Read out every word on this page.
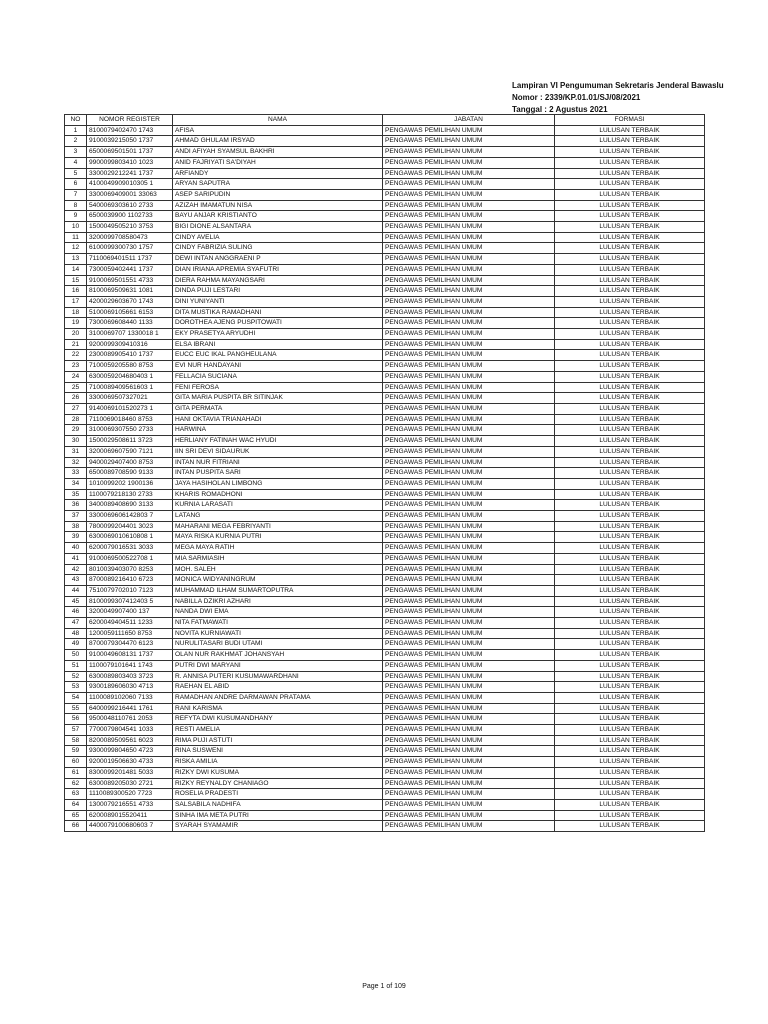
Lampiran VI Pengumuman Sekretaris Jenderal Bawaslu
Nomor : 2339/KP.01.01/SJ/08/2021
Tanggal : 2 Agustus 2021
NO	NOMOR REGISTER	NAMA	JABATAN	FORMASI
1	8100079402470 1743	AFISA	PENGAWAS PEMILIHAN UMUM	LULUSAN TERBAIK
2	9100039215050 1737	AHMAD GHULAM IRSYAD	PENGAWAS PEMILIHAN UMUM	LULUSAN TERBAIK
3	6500069501501 1737	ANDI AFIYAH SYAMSUL BAKHRI	PENGAWAS PEMILIHAN UMUM	LULUSAN TERBAIK
4	9900099803410 1023	ANID FAJRIYATI SA'DIYAH	PENGAWAS PEMILIHAN UMUM	LULUSAN TERBAIK
5	3300029212241 1737	ARFIANDY	PENGAWAS PEMILIHAN UMUM	LULUSAN TERBAIK
6	4100049909010305 1	ARYAN SAPUTRA	PENGAWAS PEMILIHAN UMUM	LULUSAN TERBAIK
7	3300069409001 33063	ASEP SARIPUDIN	PENGAWAS PEMILIHAN UMUM	LULUSAN TERBAIK
8	5400069303610 2733	AZIZAH IMAMATUN NISA	PENGAWAS PEMILIHAN UMUM	LULUSAN TERBAIK
9	6500039900 1102733	BAYU ANJAR KRISTIANTO	PENGAWAS PEMILIHAN UMUM	LULUSAN TERBAIK
10	1500049505210 3753	BIGI DIONE ALSANTARA	PENGAWAS PEMILIHAN UMUM	LULUSAN TERBAIK
11	3200099708580473	CINDY AVELIA	PENGAWAS PEMILIHAN UMUM	LULUSAN TERBAIK
12	6100099300730 1757	CINDY FABRIZIA SULING	PENGAWAS PEMILIHAN UMUM	LULUSAN TERBAIK
13	7110069401511 1737	DEWI INTAN ANGGRAENI P	PENGAWAS PEMILIHAN UMUM	LULUSAN TERBAIK
14	7300059402441 1737	DIAN IRIANA APREMIA SYAFUTRI	PENGAWAS PEMILIHAN UMUM	LULUSAN TERBAIK
15	9100069501551 4733	DIERA RAHMA MAYANGSARI	PENGAWAS PEMILIHAN UMUM	LULUSAN TERBAIK
16	8100069509631 1081	DINDA PUJI LESTARI	PENGAWAS PEMILIHAN UMUM	LULUSAN TERBAIK
17	4200029603670 1743	DINI YUNIYANTI	PENGAWAS PEMILIHAN UMUM	LULUSAN TERBAIK
18	5100069105661 6153	DITA MUSTIKA RAMADHANI	PENGAWAS PEMILIHAN UMUM	LULUSAN TERBAIK
19	7300069608440 1133	DOROTHEA AJENG PUSPITOWATI	PENGAWAS PEMILIHAN UMUM	LULUSAN TERBAIK
20	3100069707 1330018 1	EKY PRASETYA ARYUDHI	PENGAWAS PEMILIHAN UMUM	LULUSAN TERBAIK
21	9200099309410316	ELSA IBRANI	PENGAWAS PEMILIHAN UMUM	LULUSAN TERBAIK
22	2300089905410 1737	EUCC EUC IKAL PANGHEULANA	PENGAWAS PEMILIHAN UMUM	LULUSAN TERBAIK
23	7100059205580 8753	EVI NUR HANDAYANI	PENGAWAS PEMILIHAN UMUM	LULUSAN TERBAIK
24	6300059204680403 1	FELLACIA SUCIANA	PENGAWAS PEMILIHAN UMUM	LULUSAN TERBAIK
25	7100089409561603 1	FENI FEROSA	PENGAWAS PEMILIHAN UMUM	LULUSAN TERBAIK
26	3300069507327021	GITA MARIA PUSPITA BR SITINJAK	PENGAWAS PEMILIHAN UMUM	LULUSAN TERBAIK
27	9140069101520273 1	GITA PERMATA	PENGAWAS PEMILIHAN UMUM	LULUSAN TERBAIK
28	7110069018460 8753	HANI OKTAVIA TRIANAHADI	PENGAWAS PEMILIHAN UMUM	LULUSAN TERBAIK
29	3100069307550 2733	HARWINA	PENGAWAS PEMILIHAN UMUM	LULUSAN TERBAIK
30	1500029508611 3723	HERLIANY FATINAH WAC HYUDI	PENGAWAS PEMILIHAN UMUM	LULUSAN TERBAIK
31	3200069607590 7121	IIN SRI DEVI SIDAURUK	PENGAWAS PEMILIHAN UMUM	LULUSAN TERBAIK
32	9400029407400 8753	INTAN NUR FITRIANI	PENGAWAS PEMILIHAN UMUM	LULUSAN TERBAIK
33	6500089708590 9133	INTAN PUSPITA SARI	PENGAWAS PEMILIHAN UMUM	LULUSAN TERBAIK
34	1010099202 1900136	JAYA HASIHOLAN LIMBONG	PENGAWAS PEMILIHAN UMUM	LULUSAN TERBAIK
35	1100079218130 2733	KHARIS ROMADHONI	PENGAWAS PEMILIHAN UMUM	LULUSAN TERBAIK
36	3400089408690 3133	KURNIA LARASATI	PENGAWAS PEMILIHAN UMUM	LULUSAN TERBAIK
37	3300069606142803 7	LATANG	PENGAWAS PEMILIHAN UMUM	LULUSAN TERBAIK
38	7800099204401 3023	MAHARANI MEGA FEBRIYANTI	PENGAWAS PEMILIHAN UMUM	LULUSAN TERBAIK
39	6300069010610808 1	MAYA RISKA KURNIA PUTRI	PENGAWAS PEMILIHAN UMUM	LULUSAN TERBAIK
40	6200079016531 3033	MEGA MAYA RATIH	PENGAWAS PEMILIHAN UMUM	LULUSAN TERBAIK
41	9100069500522708 1	MIA SARMIASIH	PENGAWAS PEMILIHAN UMUM	LULUSAN TERBAIK
42	8010039403070 8253	MOH. SALEH	PENGAWAS PEMILIHAN UMUM	LULUSAN TERBAIK
43	8700089216410 6723	MONICA WIDYANINGRUM	PENGAWAS PEMILIHAN UMUM	LULUSAN TERBAIK
44	7510079702010 7123	MUHAMMAD ILHAM SUMARTOPUTRA	PENGAWAS PEMILIHAN UMUM	LULUSAN TERBAIK
45	8100099307412403 5	NABILLA DZIKRI AZHARI	PENGAWAS PEMILIHAN UMUM	LULUSAN TERBAIK
46	3200049907400 137	NANDA DWI EMA	PENGAWAS PEMILIHAN UMUM	LULUSAN TERBAIK
47	6200049404511 1233	NITA FATMAWATI	PENGAWAS PEMILIHAN UMUM	LULUSAN TERBAIK
48	1200059111650 8753	NOVITA KURNIAWATI	PENGAWAS PEMILIHAN UMUM	LULUSAN TERBAIK
49	8700079304470 6123	NURULITASARI BUDI UTAMI	PENGAWAS PEMILIHAN UMUM	LULUSAN TERBAIK
50	9100049608131 1737	OLAN NUR RAKHMAT JOHANSYAH	PENGAWAS PEMILIHAN UMUM	LULUSAN TERBAIK
51	1100079101641 1743	PUTRI DWI MARYANI	PENGAWAS PEMILIHAN UMUM	LULUSAN TERBAIK
52	6300089803403 3723	R. ANNISA PUTERI KUSUMAWARDHANI	PENGAWAS PEMILIHAN UMUM	LULUSAN TERBAIK
53	9300189606030 4713	RAEHAN EL ABID	PENGAWAS PEMILIHAN UMUM	LULUSAN TERBAIK
54	1100089102060 7133	RAMADHAN ANDRE DARMAWAN PRATAMA	PENGAWAS PEMILIHAN UMUM	LULUSAN TERBAIK
55	6400099216441 1761	RANI KARISMA	PENGAWAS PEMILIHAN UMUM	LULUSAN TERBAIK
56	9500048110761 2053	REFYTA DWI KUSUMANDHANY	PENGAWAS PEMILIHAN UMUM	LULUSAN TERBAIK
57	7700079804541 1033	RESTI AMELIA	PENGAWAS PEMILIHAN UMUM	LULUSAN TERBAIK
58	8200089509561 6023	RIMA PUJI ASTUTI	PENGAWAS PEMILIHAN UMUM	LULUSAN TERBAIK
59	9300099804650 4723	RINA SUSWENI	PENGAWAS PEMILIHAN UMUM	LULUSAN TERBAIK
60	9200019506630 4733	RISKA AMILIA	PENGAWAS PEMILIHAN UMUM	LULUSAN TERBAIK
61	8300099201481 5033	RIZKY DWI KUSUMA	PENGAWAS PEMILIHAN UMUM	LULUSAN TERBAIK
62	6300089205030 2721	RIZKY REYNALDY CHANIAGO	PENGAWAS PEMILIHAN UMUM	LULUSAN TERBAIK
63	1110089300520 7723	ROSELIA PRADESTI	PENGAWAS PEMILIHAN UMUM	LULUSAN TERBAIK
64	1300079216551 4733	SALSABILA NADHIFA	PENGAWAS PEMILIHAN UMUM	LULUSAN TERBAIK
65	6200089015520411	SINHA IMA META PUTRI	PENGAWAS PEMILIHAN UMUM	LULUSAN TERBAIK
66	4400079100680603 7	SYARAH SYAMAMIR	PENGAWAS PEMILIHAN UMUM	LULUSAN TERBAIK
Page 1 of 109
